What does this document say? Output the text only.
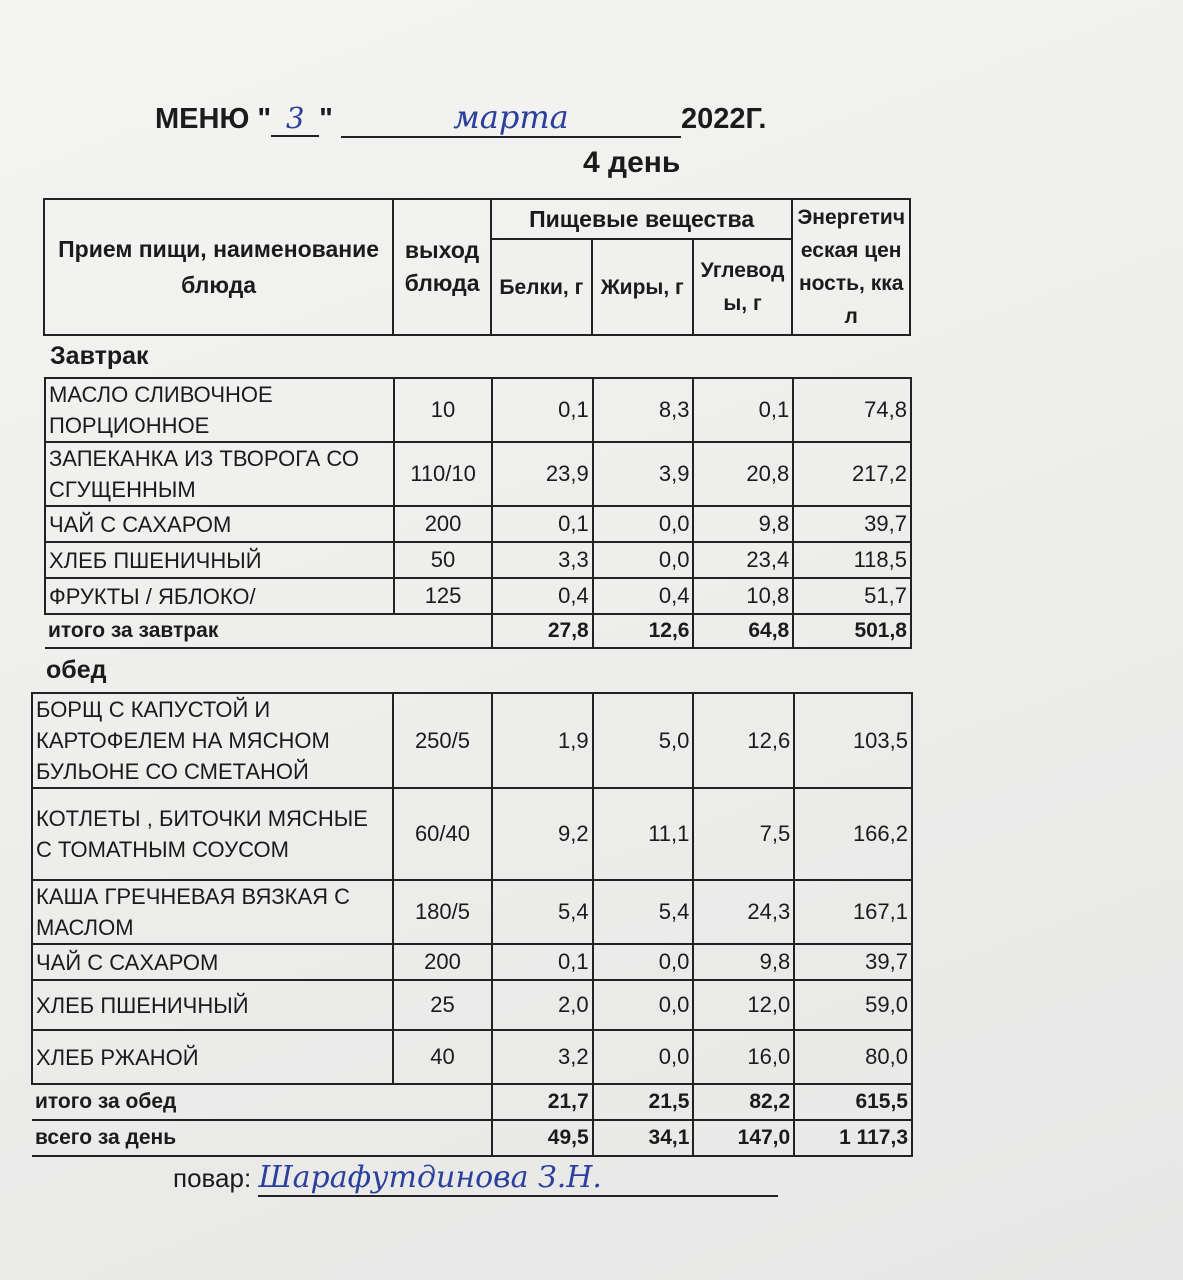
МЕНЮ " 3 "	марта	2022Г.
4 день
Прием пищи, наименование блюда	выход блюда	Пищевые вещества			Энергетическая ценность, ккал
		Белки, г	Жиры, г	Углеводы, г	
Завтрак
МАСЛО СЛИВОЧНОЕ ПОРЦИОННОЕ	10	0,1	8,3	0,1	74,8
ЗАПЕКАНКА ИЗ ТВОРОГА СО СГУЩЕННЫМ	110/10	23,9	3,9	20,8	217,2
ЧАЙ С САХАРОМ	200	0,1	0,0	9,8	39,7
ХЛЕБ ПШЕНИЧНЫЙ	50	3,3	0,0	23,4	118,5
ФРУКТЫ / ЯБЛОКО/	125	0,4	0,4	10,8	51,7
итого за завтрак		27,8	12,6	64,8	501,8
обед
БОРЩ С КАПУСТОЙ И КАРТОФЕЛЕМ НА МЯСНОМ БУЛЬОНЕ СО СМЕТАНОЙ	250/5	1,9	5,0	12,6	103,5
КОТЛЕТЫ , БИТОЧКИ МЯСНЫЕ С ТОМАТНЫМ СОУСОМ	60/40	9,2	11,1	7,5	166,2
КАША ГРЕЧНЕВАЯ ВЯЗКАЯ С МАСЛОМ	180/5	5,4	5,4	24,3	167,1
ЧАЙ С САХАРОМ	200	0,1	0,0	9,8	39,7
ХЛЕБ ПШЕНИЧНЫЙ	25	2,0	0,0	12,0	59,0
ХЛЕБ РЖАНОЙ	40	3,2	0,0	16,0	80,0
итого за обед		21,7	21,5	82,2	615,5
всего за день		49,5	34,1	147,0	1 117,3
повар: Шарафутдинова З.Н.
